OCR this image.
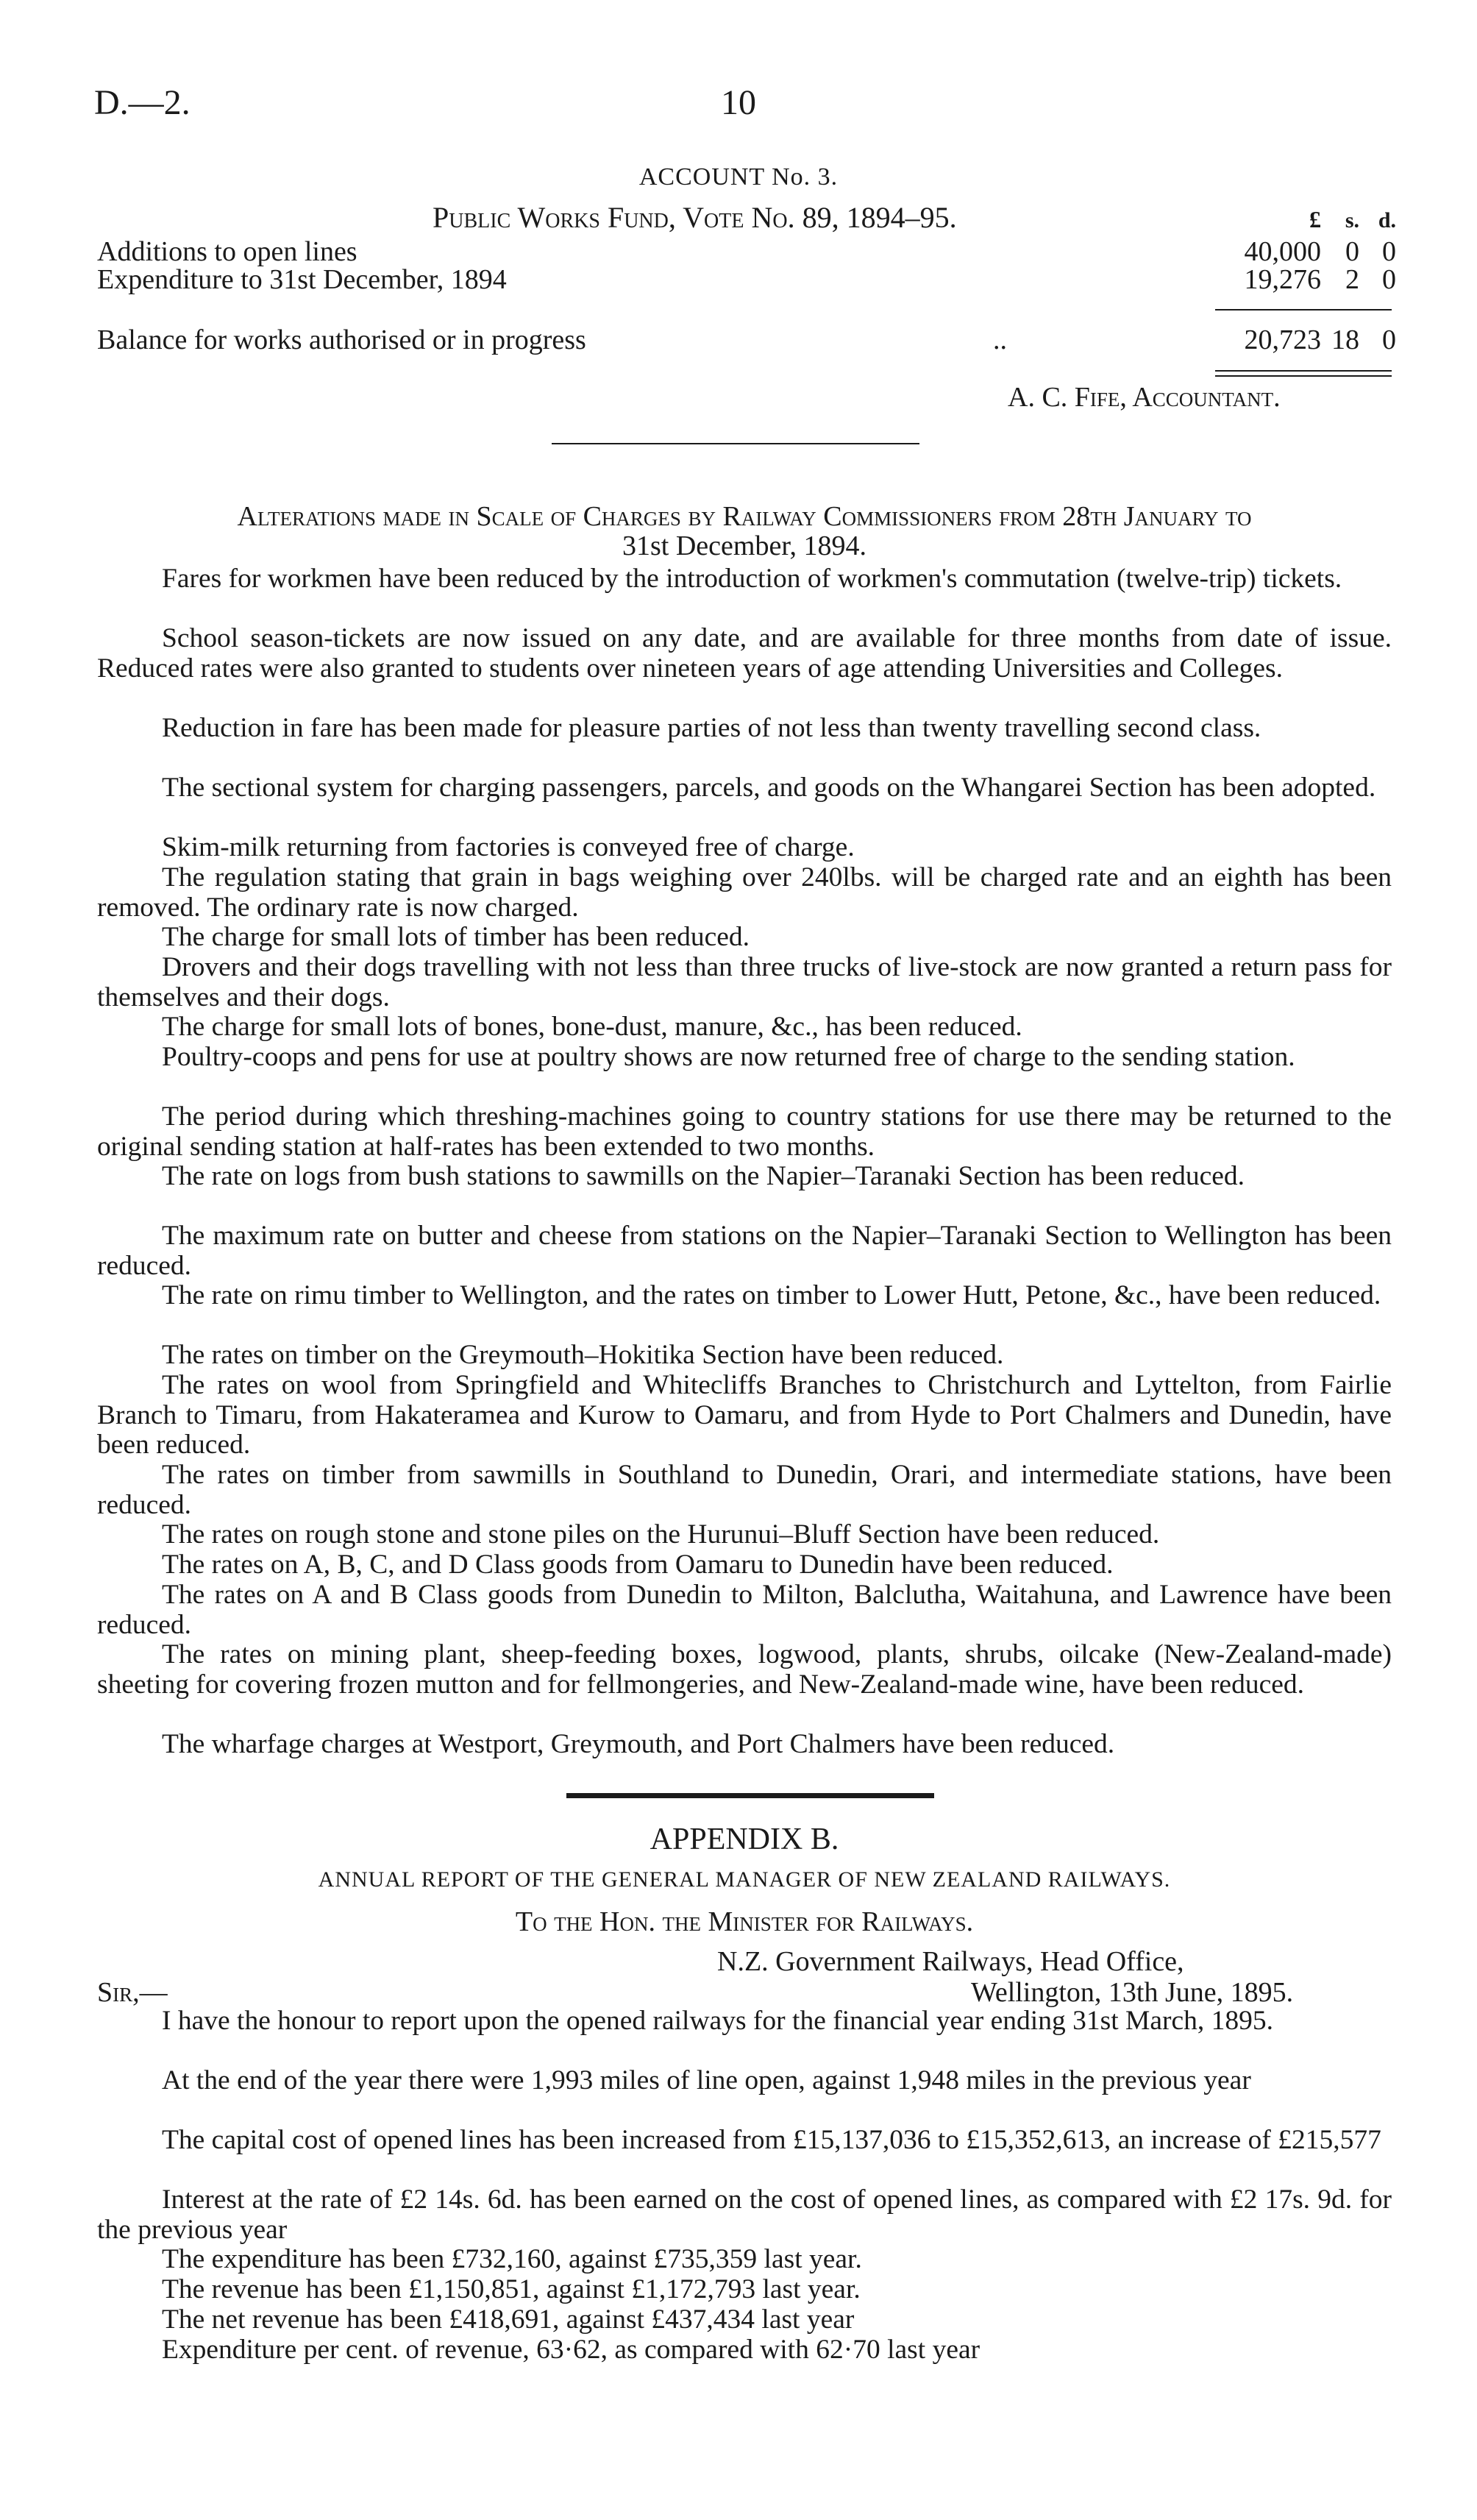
D.—2.	10
ACCOUNT No. 3.
Public Works Fund, Vote No. 89, 1894–95.	£	s. d.
Additions to open lines	40,000 0 0
Expenditure to 31st December, 1894	19,276 2 0
Balance for works authorised or in progress	..	20,723 18 0
A. C. Fife, Accountant.
Alterations made in Scale of Charges by Railway Commissioners from 28th January to
31st December, 1894.

Fares for workmen have been reduced by the introduction of workmen's commutation (twelve-trip) tickets.

School season-tickets are now issued on any date, and are available for three months from date of issue. Reduced rates were also granted to students over nineteen years of age attending Universities and Colleges.

Reduction in fare has been made for pleasure parties of not less than twenty travelling second class.

The sectional system for charging passengers, parcels, and goods on the Whangarei Section has been adopted.

Skim-milk returning from factories is conveyed free of charge.

The regulation stating that grain in bags weighing over 240lbs. will be charged rate and an eighth has been removed. The ordinary rate is now charged.

The charge for small lots of timber has been reduced.

Drovers and their dogs travelling with not less than three trucks of live-stock are now granted a return pass for themselves and their dogs.

The charge for small lots of bones, bone-dust, manure, &c., has been reduced.

Poultry-coops and pens for use at poultry shows are now returned free of charge to the sending station.

The period during which threshing-machines going to country stations for use there may be returned to the original sending station at half-rates has been extended to two months.

The rate on logs from bush stations to sawmills on the Napier–Taranaki Section has been reduced.

The maximum rate on butter and cheese from stations on the Napier–Taranaki Section to Wellington has been reduced.

The rate on rimu timber to Wellington, and the rates on timber to Lower Hutt, Petone, &c., have been reduced.

The rates on timber on the Greymouth–Hokitika Section have been reduced.

The rates on wool from Springfield and Whitecliffs Branches to Christchurch and Lyttelton, from Fairlie Branch to Timaru, from Hakateramea and Kurow to Oamaru, and from Hyde to Port Chalmers and Dunedin, have been reduced.

The rates on timber from sawmills in Southland to Dunedin, Orari, and intermediate stations, have been reduced.

The rates on rough stone and stone piles on the Hurunui–Bluff Section have been reduced.

The rates on A, B, C, and D Class goods from Oamaru to Dunedin have been reduced.

The rates on A and B Class goods from Dunedin to Milton, Balclutha, Waitahuna, and Lawrence have been reduced.

The rates on mining plant, sheep-feeding boxes, logwood, plants, shrubs, oilcake (New-Zealand-made) sheeting for covering frozen mutton and for fellmongeries, and New-Zealand-made wine, have been reduced.

The wharfage charges at Westport, Greymouth, and Port Chalmers have been reduced.

APPENDIX B.
ANNUAL REPORT OF THE GENERAL MANAGER OF NEW ZEALAND RAILWAYS.
To the Hon. the Minister for Railways.
N.Z. Government Railways, Head Office,
Sir,—	Wellington, 13th June, 1895.

I have the honour to report upon the opened railways for the financial year ending 31st March, 1895.

At the end of the year there were 1,993 miles of line open, against 1,948 miles in the previous year

The capital cost of opened lines has been increased from £15,137,036 to £15,352,613, an increase of £215,577

Interest at the rate of £2 14s. 6d. has been earned on the cost of opened lines, as compared with £2 17s. 9d. for the previous year

The expenditure has been £732,160, against £735,359 last year.

The revenue has been £1,150,851, against £1,172,793 last year.

The net revenue has been £418,691, against £437,434 last year

Expenditure per cent. of revenue, 63·62, as compared with 62·70 last year
